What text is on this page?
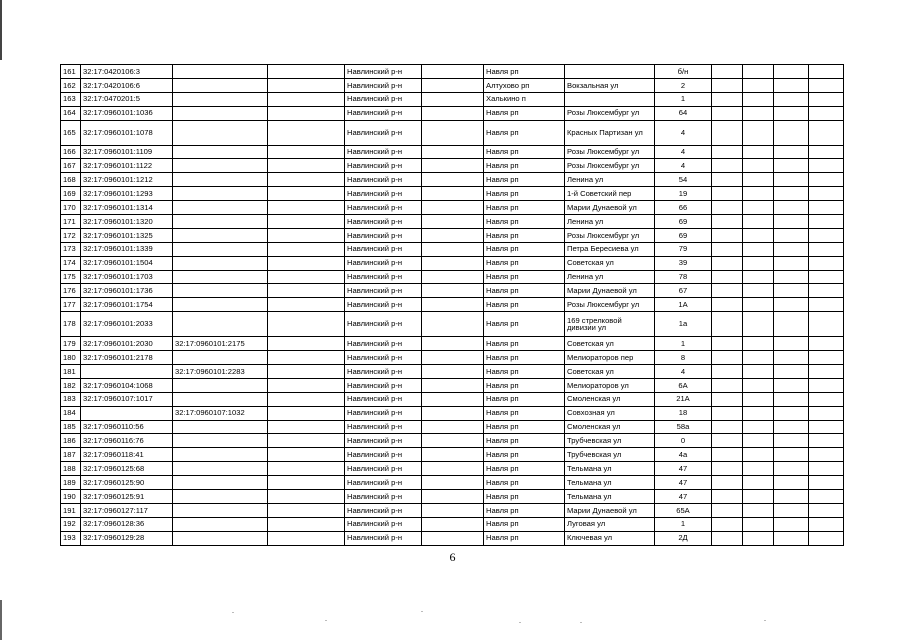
161	32:17:0420106:3			Навлинский р-н		Навля рп		б/н				
162	32:17:0420106:6			Навлинский р-н		Алтухово рп	Вокзальная ул	2				
163	32:17:0470201:5			Навлинский р-н		Халькино п		1				
164	32:17:0960101:1036			Навлинский р-н		Навля рп	Розы Люксембург ул	64				
165	32:17:0960101:1078			Навлинский р-н		Навля рп	Красных Партизан ул	4				
166	32:17:0960101:1109			Навлинский р-н		Навля рп	Розы Люксембург ул	4				
167	32:17:0960101:1122			Навлинский р-н		Навля рп	Розы Люксембург ул	4				
168	32:17:0960101:1212			Навлинский р-н		Навля рп	Ленина ул	54				
169	32:17:0960101:1293			Навлинский р-н		Навля рп	1-й Советский пер	19				
170	32:17:0960101:1314			Навлинский р-н		Навля рп	Марии Дунаевой ул	66				
171	32:17:0960101:1320			Навлинский р-н		Навля рп	Ленина ул	69				
172	32:17:0960101:1325			Навлинский р-н		Навля рп	Розы Люксембург ул	69				
173	32:17:0960101:1339			Навлинский р-н		Навля рп	Петра Бересиева ул	79				
174	32:17:0960101:1504			Навлинский р-н		Навля рп	Советская ул	39				
175	32:17:0960101:1703			Навлинский р-н		Навля рп	Ленина ул	78				
176	32:17:0960101:1736			Навлинский р-н		Навля рп	Марии Дунаевой ул	67				
177	32:17:0960101:1754			Навлинский р-н		Навля рп	Розы Люксембург ул	1А				
178	32:17:0960101:2033			Навлинский р-н		Навля рп	169 стрелковой дивизии ул	1а				
179	32:17:0960101:2030	32:17:0960101:2175		Навлинский р-н		Навля рп	Советская ул	1				
180	32:17:0960101:2178			Навлинский р-н		Навля рп	Мелиораторов пер	8				
181		32:17:0960101:2283		Навлинский р-н		Навля рп	Советская ул	4				
182	32:17:0960104:1068			Навлинский р-н		Навля рп	Мелиораторов ул	6А				
183	32:17:0960107:1017			Навлинский р-н		Навля рп	Смоленская ул	21А				
184		32:17:0960107:1032		Навлинский р-н		Навля рп	Совхозная ул	18				
185	32:17:0960110:56			Навлинский р-н		Навля рп	Смоленская ул	58а				
186	32:17:0960116:76			Навлинский р-н		Навля рп	Трубчевская ул	0				
187	32:17:0960118:41			Навлинский р-н		Навля рп	Трубчевская ул	4а				
188	32:17:0960125:68			Навлинский р-н		Навля рп	Тельмана ул	47				
189	32:17:0960125:90			Навлинский р-н		Навля рп	Тельмана ул	47				
190	32:17:0960125:91			Навлинский р-н		Навля рп	Тельмана ул	47				
191	32:17:0960127:117			Навлинский р-н		Навля рп	Марии Дунаевой ул	65А				
192	32:17:0960128:36			Навлинский р-н		Навля рп	Луговая ул	1				
193	32:17:0960129:28			Навлинский р-н		Навля рп	Ключевая ул	2Д				
6
